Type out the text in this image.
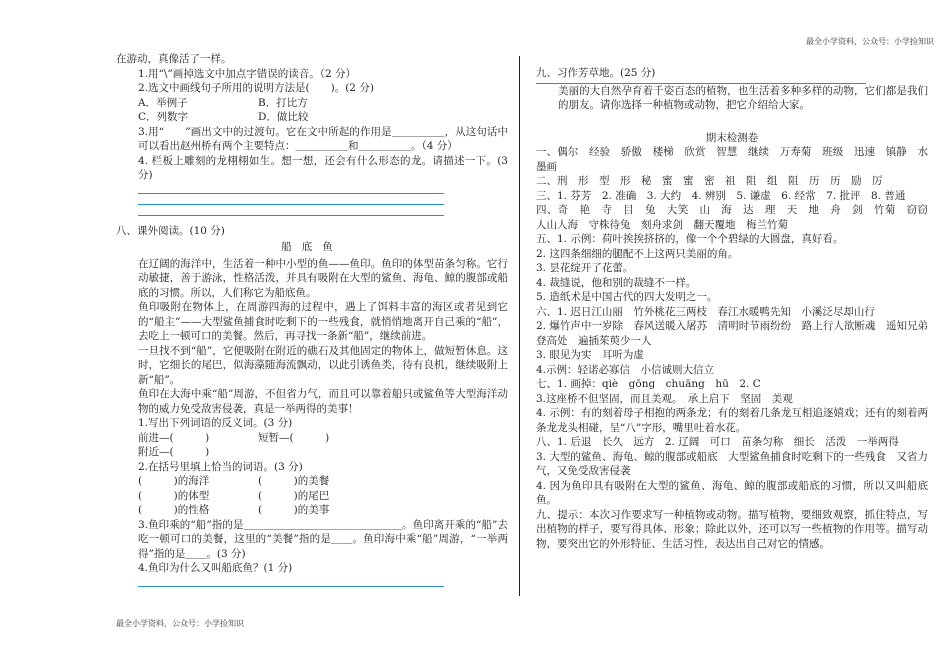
最全小学资料，公众号：小学捡知识

在游动，真像活了一样。

1.用“\”画掉选文中加点字错误的读音。（2 分）

2.选文中画线句子所用的说明方法是(　　)。(2 分)

A．举例子	B．打比方

C．列数字	D．做比较

3.用“　　”画出文中的过渡句。它在文中所起的作用是＿＿＿＿＿，从这句话中可以看出赵州桥有两个主要特点：＿＿＿＿＿和＿＿＿＿＿。（4 分）

4. 栏板上雕刻的龙栩栩如生。想一想，还会有什么形态的龙。请描述一下。(3 分)

八、课外阅读。(10 分)

船底鱼

在辽阔的海洋中，生活着一种中小型的鱼——鱼印。鱼印的体型苗条匀称。它行动敏捷，善于游泳，性格活泼，并具有吸附在大型的鲨鱼、海龟、鲸的腹部或船底的习惯。所以，人们称它为船底鱼。

鱼印吸附在物体上，在周游四海的过程中，遇上了饵料丰富的海区或者见到它的“船主”——大型鲨鱼捕食时吃剩下的一些残食，就悄悄地离开自己乘的“船”，去吃上一顿可口的美餐。然后，再寻找一条新“船”，继续前进。

一旦找不到“船”，它便吸附在附近的礁石及其他固定的物体上，做短暂休息。这时，它细长的尾巴，似海藻随海流飘动，以此引诱鱼类，待有良机，继续吸附上新“船”。

鱼印在大海中乘“船”周游，不但省力气，而且可以靠着船只或鲨鱼等大型海洋动物的威力免受敌害侵袭，真是一举两得的美事！

1.写出下列词语的反义词。(3 分)

前进—(　　　)	短暂—(　　　)

附近—(　　　)

2.在括号里填上恰当的词语。(3 分)

(　　　)的海洋	(　　　)的美餐

(　　　)的体型	(　　　)的尾巴

(　　　)的性格	(　　　)的美事

3.鱼印乘的“船”指的是＿＿＿＿＿＿＿＿＿＿＿＿＿＿＿。鱼印离开乘的“船”去吃一顿可口的美餐，这里的“美餐”指的是＿＿。鱼印海中乘“船”周游，“一举两得”指的是＿＿。(3 分)

4.鱼印为什么又叫船底鱼？(1 分)

九、习作芳草地。(25 分)

美丽的大自然孕育着千姿百态的植物，也生活着多种多样的动物，它们都是我们的朋友。请你选择一种植物或动物，把它介绍给大家。

期末检测卷

一、偶尔　经验　骄傲　楼梯　欣赏　智慧　继续　万寿菊　班级　迅速　镇静　水墨画

二、刑　形　型　形　秘　蜜　蜜　密　祖　阻　组　阻　历　历　励　厉

三、1. 芬芳　2. 准确　3. 大约　4. 辨别　5. 谦虚　6. 经常　7. 批评　8. 普通

四、奇　艳　寺　目　兔　大笑　山　海　达　理　天　地　舟　剑　竹菊　窃窃　人山人海　守株待兔　刻舟求剑　翻天覆地　梅兰竹菊

五、1. 示例：荷叶挨挨挤挤的，像一个个碧绿的大圆盘，真好看。

2. 这四条细细的腿配不上这两只美丽的角。

3. 昙花绽开了花蕾。

4. 裁缝说，他和别的裁缝不一样。

5. 造纸术是中国古代的四大发明之一。

六、1. 迟日江山丽　竹外桃花三两枝　春江水暖鸭先知　小溪泛尽却山行

2. 爆竹声中一岁除　春风送暖入屠苏　清明时节雨纷纷　路上行人欲断魂　遥知兄弟登高处　遍插茱萸少一人

3. 眼见为实　耳听为虚

4.示例：轻诺必寡信　小信诚则大信立

七、1. 画掉：qiè　gōng　chuāng　hū　2. C

3.这座桥不但坚固，而且美观。　承上启下　坚固　美观

4. 示例：有的刻着母子相抱的两条龙；有的刻着几条龙互相追逐嬉戏；还有的刻着两条龙龙头相碰，呈“八”字形，嘴里吐着水花。

八、1. 后退　长久　远方　2. 辽阔　可口　苗条匀称　细长　活泼　一举两得

3. 大型的鲨鱼、海龟、鲸的腹部或船底　大型鲨鱼捕食时吃剩下的一些残食　又省力气，又免受敌害侵袭

4. 因为鱼印具有吸附在大型的鲨鱼、海龟、鲸的腹部或船底的习惯，所以又叫船底鱼。

九、提示：本次习作要求写一种植物或动物。描写植物，要细致观察，抓住特点，写出植物的样子，要写得具体、形象；除此以外，还可以写一些植物的作用等。描写动物，要突出它的外形特征、生活习性，表达出自己对它的情感。

最全小学资料，公众号：小学捡知识
